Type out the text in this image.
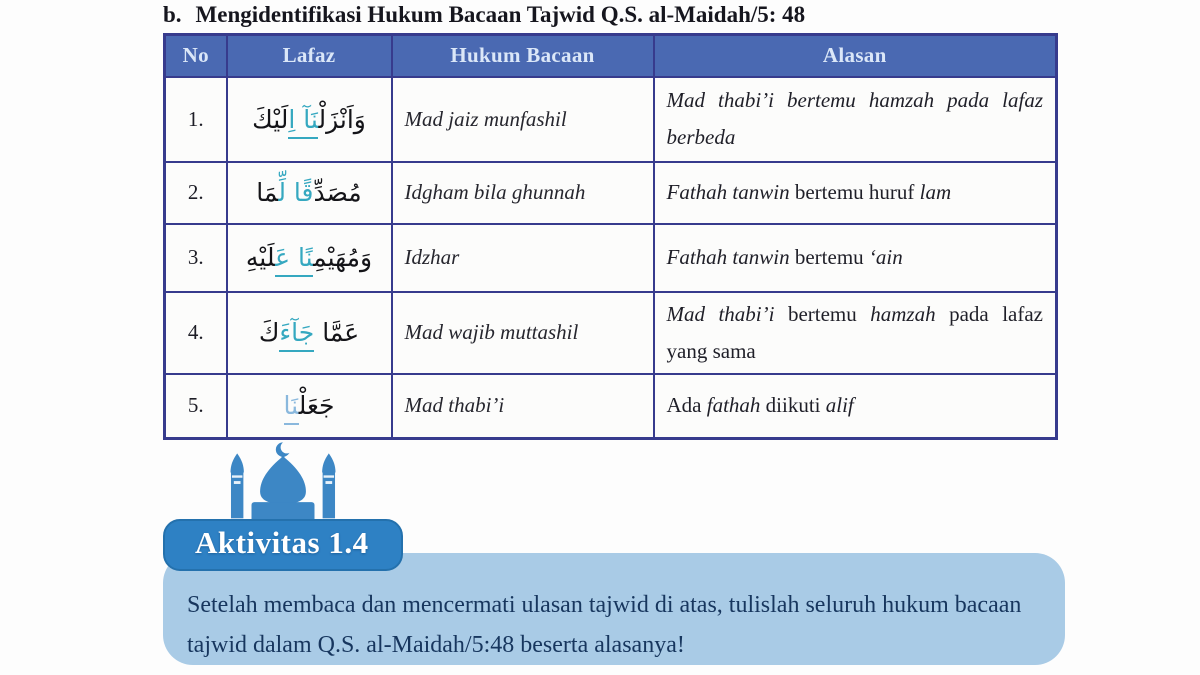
b. Mengidentifikasi Hukum Bacaan Tajwid Q.S. al-Maidah/5: 48
No	Lafaz	Hukum Bacaan	Alasan
1.	وَاَنْزَلْ‍‍نَآ اِلَيْكَ	Mad jaiz munfashil	Mad thabi’i bertemu hamzah pada lafaz berbeda
2.	مُصَدِّقًا لِّ‍‍مَا	Idgham bila ghunnah	Fathah tanwin bertemu huruf lam
3.	وَمُهَيْمِ‍‍نًا عَ‍‍لَيْهِ	Idzhar	Fathah tanwin bertemu ‘ain
4.	عَمَّا جَآءَكَ	Mad wajib muttashil	Mad thabi’i bertemu hamzah pada lafaz yang sama
5.	جَعَلْ‍‍نَا	Mad thabi’i	Ada fathah diikuti alif
Setelah membaca dan mencermati ulasan tajwid di atas, tulislah seluruh hukum bacaan tajwid dalam Q.S. al-Maidah/5:48 beserta alasanya!
Aktivitas 1.4
